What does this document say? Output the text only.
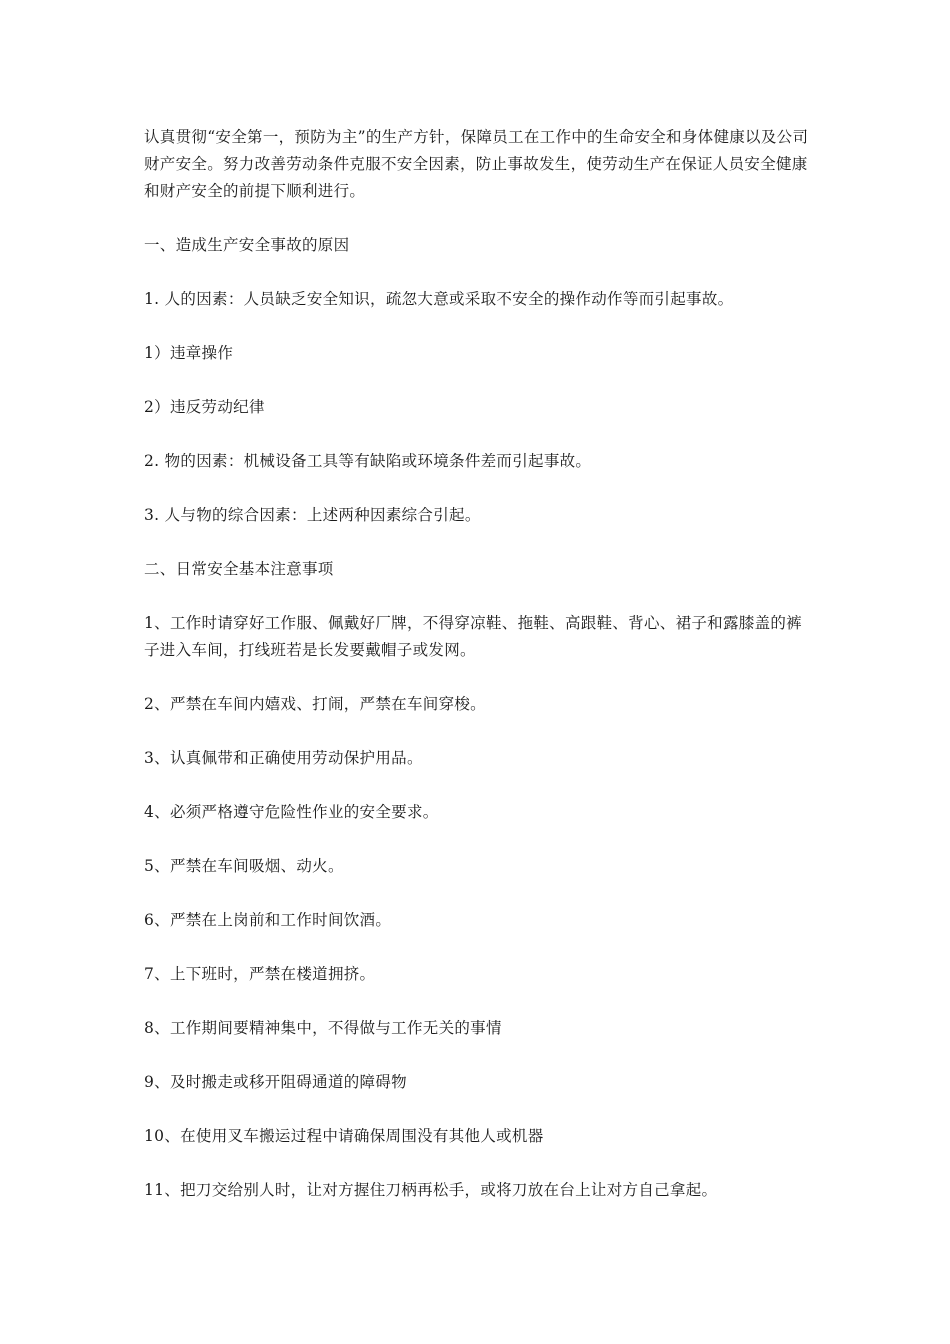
认真贯彻“安全第一，预防为主”的生产方针，保障员工在工作中的生命安全和身体健康以及公司财产安全。努力改善劳动条件克服不安全因素，防止事故发生，使劳动生产在保证人员安全健康和财产安全的前提下顺利进行。

一、造成生产安全事故的原因

1. 人的因素：人员缺乏安全知识，疏忽大意或采取不安全的操作动作等而引起事故。

1）违章操作

2）违反劳动纪律

2. 物的因素：机械设备工具等有缺陷或环境条件差而引起事故。

3. 人与物的综合因素：上述两种因素综合引起。

二、日常安全基本注意事项

1、工作时请穿好工作服、佩戴好厂牌，不得穿凉鞋、拖鞋、高跟鞋、背心、裙子和露膝盖的裤子进入车间，打线班若是长发要戴帽子或发网。

2、严禁在车间内嬉戏、打闹，严禁在车间穿梭。

3、认真佩带和正确使用劳动保护用品。

4、必须严格遵守危险性作业的安全要求。

5、严禁在车间吸烟、动火。

6、严禁在上岗前和工作时间饮酒。

7、上下班时，严禁在楼道拥挤。

8、工作期间要精神集中，不得做与工作无关的事情

9、及时搬走或移开阻碍通道的障碍物

10、在使用叉车搬运过程中请确保周围没有其他人或机器

11、把刀交给别人时，让对方握住刀柄再松手，或将刀放在台上让对方自己拿起。
